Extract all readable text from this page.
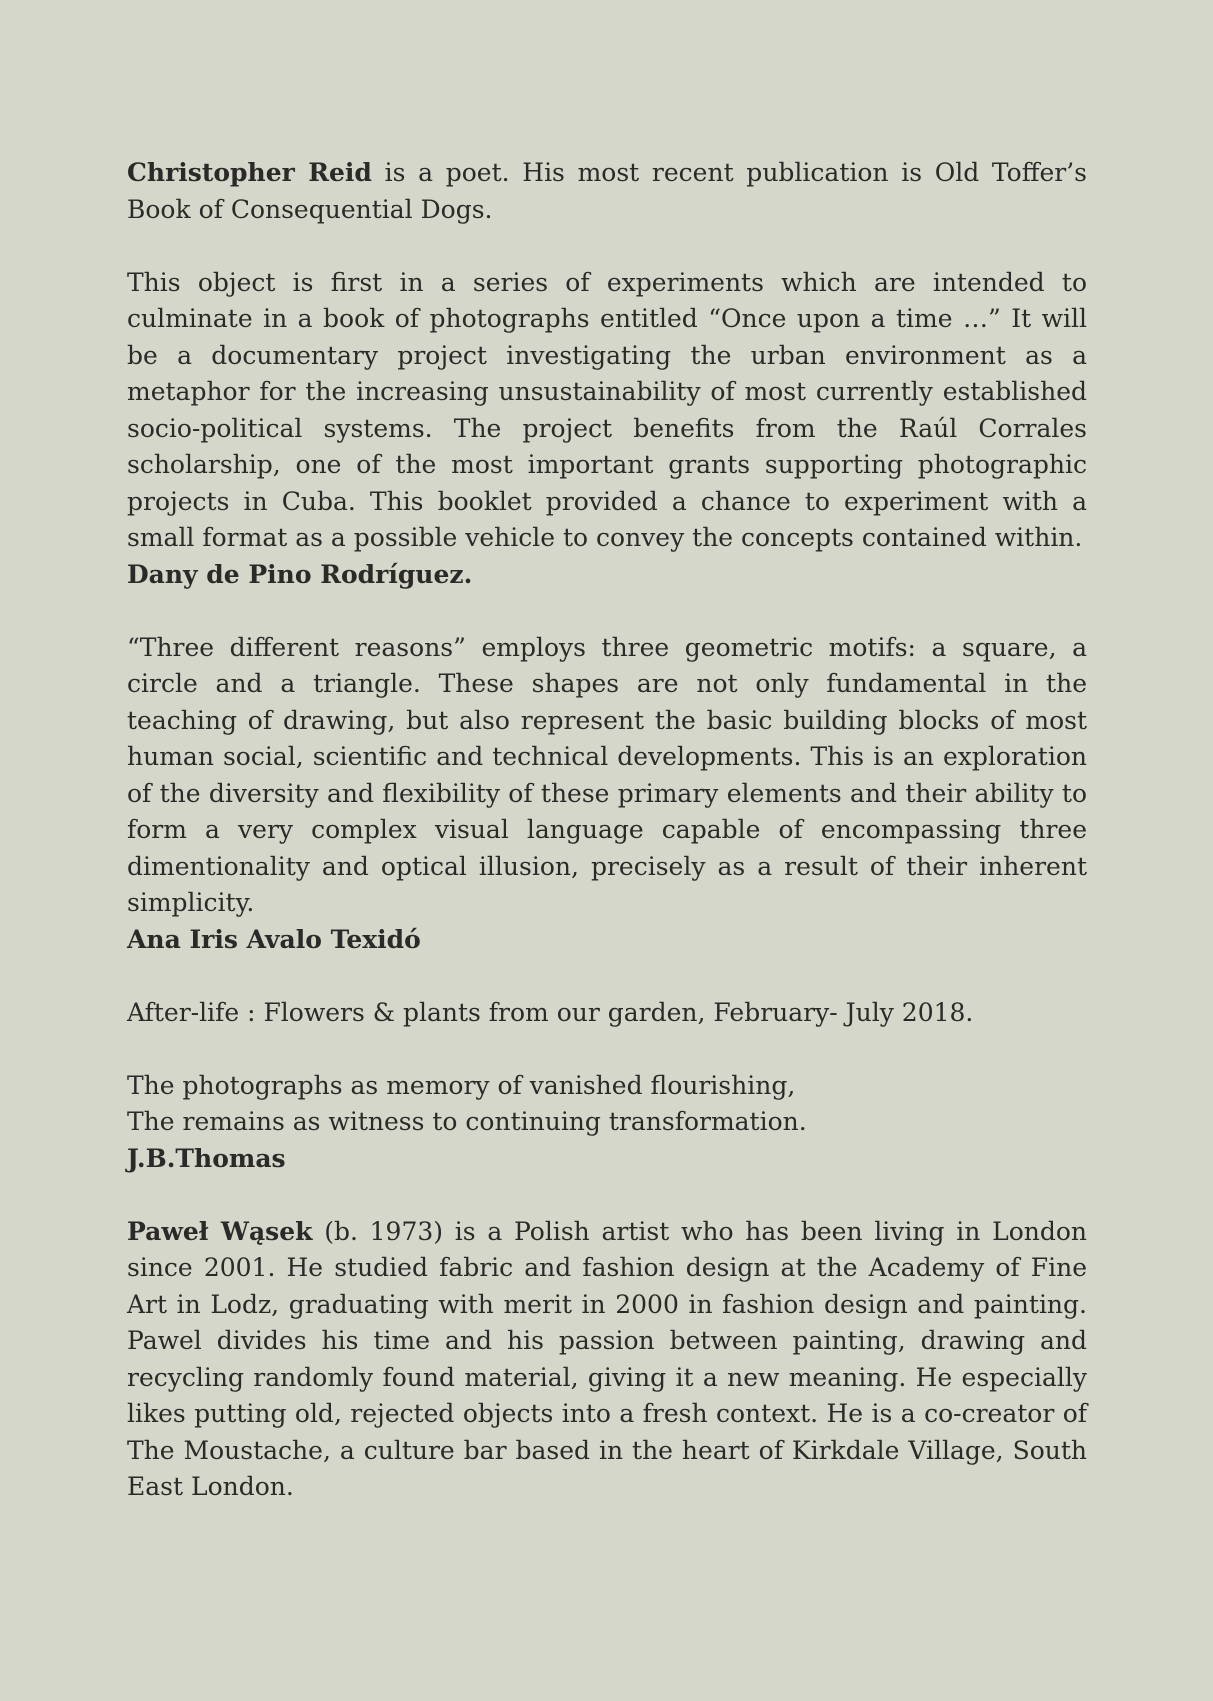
Christopher Reid is a poet. His most recent publication is Old Toffer’s Book of Consequential Dogs.

This object is first in a series of experiments which are intended to culminate in a book of photographs entitled “Once upon a time …” It will be a documentary project investigating the urban environment as a metaphor for the increasing unsustainability of most currently established socio-political systems. The project benefits from the Raúl Corrales scholarship, one of the most important grants supporting photographic projects in Cuba. This booklet provided a chance to experiment with a small format as a possible vehicle to convey the concepts contained within.

Dany de Pino Rodríguez.

“Three different reasons” employs three geometric motifs: a square, a circle and a triangle. These shapes are not only fundamental in the teaching of drawing, but also represent the basic building blocks of most human social, scientific and technical developments. This is an exploration of the diversity and flexibility of these primary elements and their ability to form a very complex visual language capable of encompassing three dimentionality and optical illusion, precisely as a result of their inherent simplicity.

Ana Iris Avalo Texidó

After-life : Flowers & plants from our garden, February- July 2018.

The photographs as memory of vanished flourishing,
The remains as witness to continuing transformation.
J.B.Thomas

Paweł Wąsek (b. 1973) is a Polish artist who has been living in London since 2001. He studied fabric and fashion design at the Academy of Fine Art in Lodz, graduating with merit in 2000 in fashion design and painting. Pawel divides his time and his passion between painting, drawing and recycling randomly found material, giving it a new meaning. He especially likes putting old, rejected objects into a fresh context. He is a co-creator of The Moustache, a culture bar based in the heart of Kirkdale Village, South East London.
